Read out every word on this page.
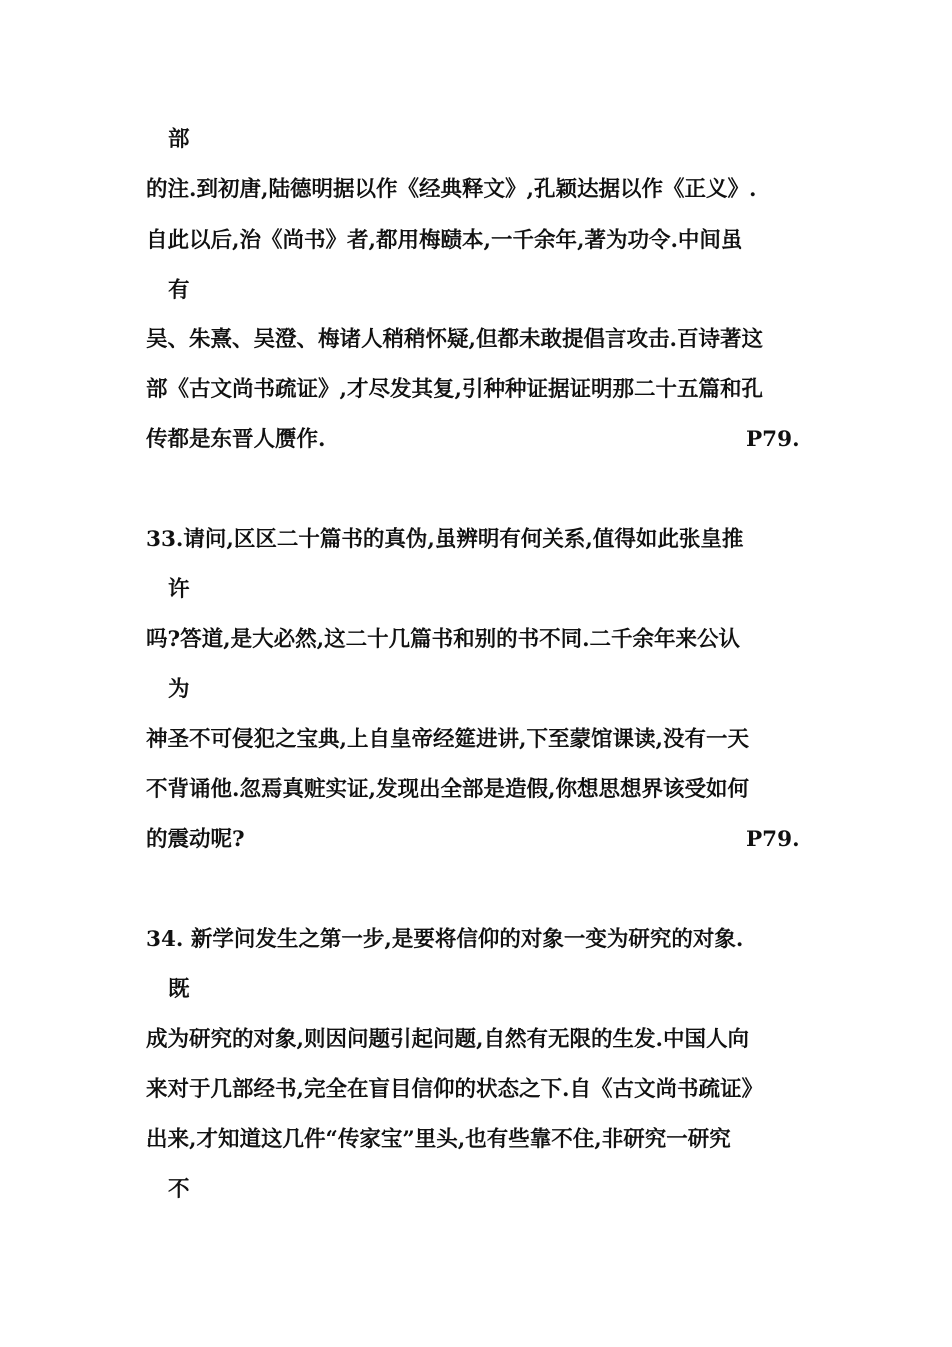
部
的注.到初唐,陆德明据以作《经典释文》,孔颖达据以作《正义》.
自此以后,治《尚书》者,都用梅赜本,一千余年,著为功令.中间虽
有
吴、朱熹、吴澄、梅诸人稍稍怀疑,但都未敢提倡言攻击.百诗著这
部《古文尚书疏证》,才尽发其复,引种种证据证明那二十五篇和孔
传都是东晋人赝作.	P79.
33.请问,区区二十篇书的真伪,虽辨明有何关系,值得如此张皇推
许
吗?答道,是大必然,这二十几篇书和别的书不同.二千余年来公认
为
神圣不可侵犯之宝典,上自皇帝经筵进讲,下至蒙馆课读,没有一天
不背诵他.忽焉真赃实证,发现出全部是造假,你想思想界该受如何
的震动呢?	P79.
34. 新学问发生之第一步,是要将信仰的对象一变为研究的对象.
既
成为研究的对象,则因问题引起问题,自然有无限的生发.中国人向
来对于几部经书,完全在盲目信仰的状态之下.自《古文尚书疏证》
出来,才知道这几件“传家宝”里头,也有些靠不住,非研究一研究
不
